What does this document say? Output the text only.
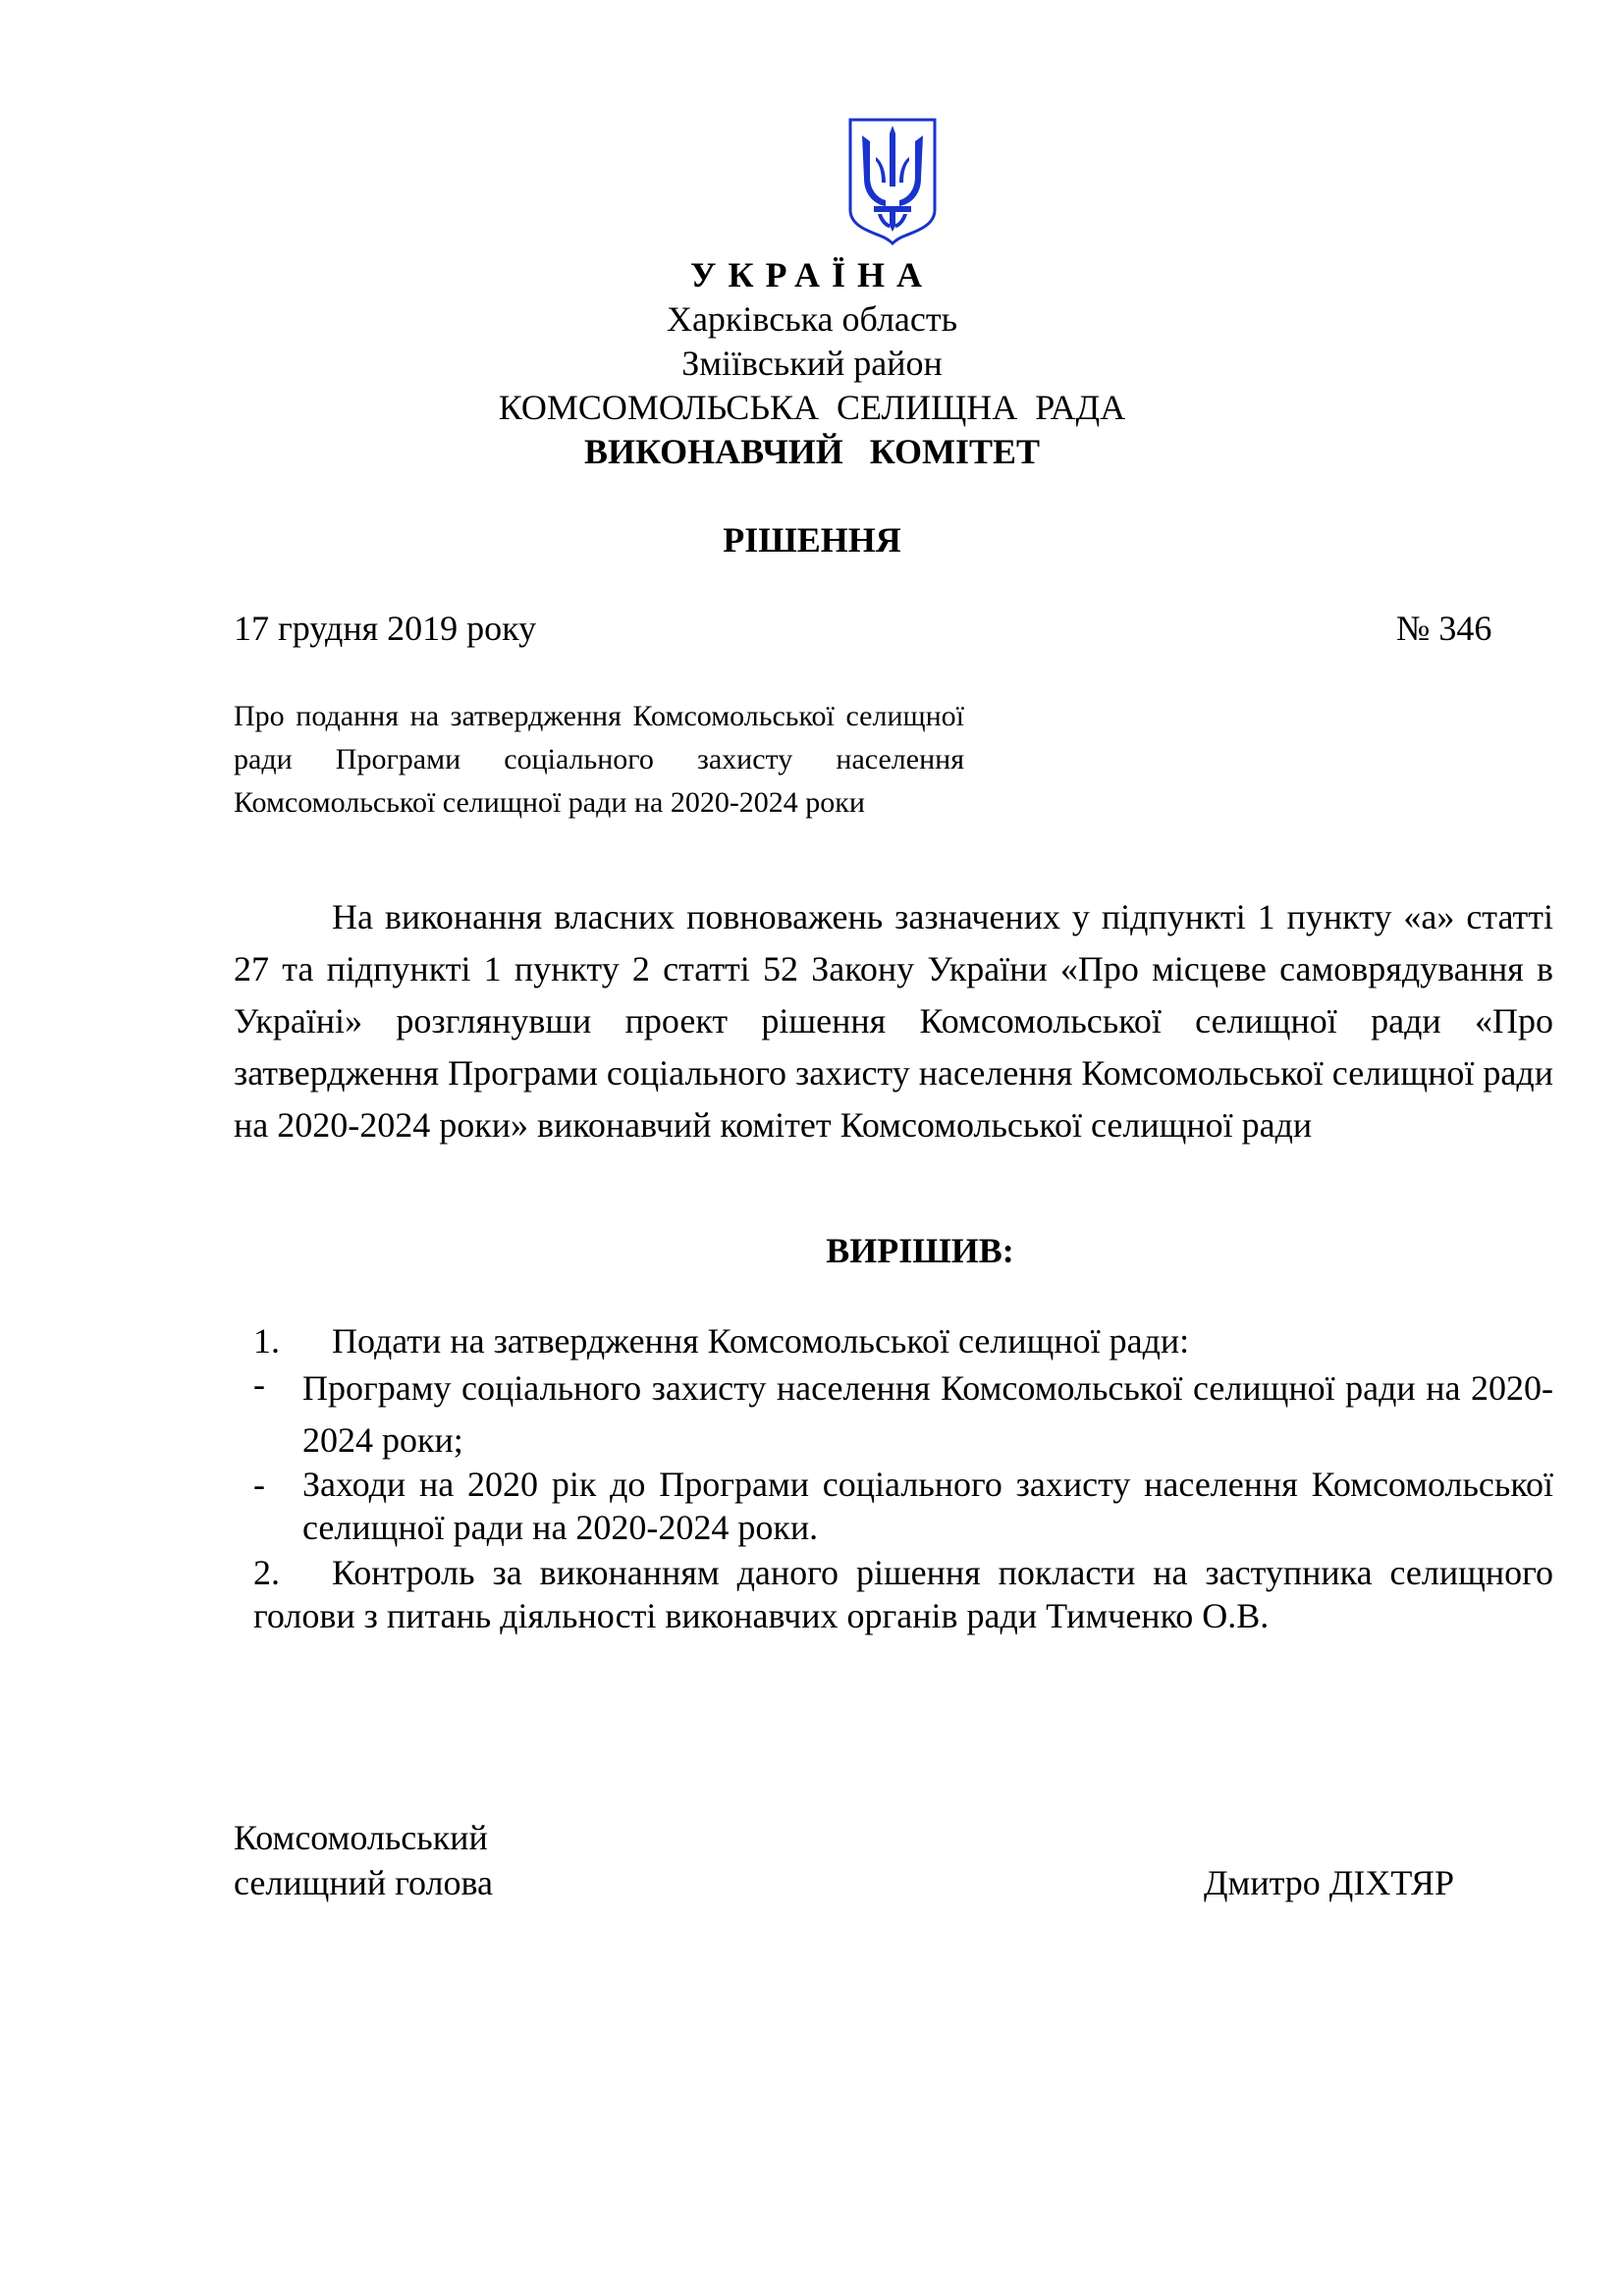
УКРАЇНА
Харківська область
Зміївський район
КОМСОМОЛЬСЬКА  СЕЛИЩНА  РАДА
ВИКОНАВЧИЙ   КОМІТЕТ
РІШЕННЯ
17 грудня 2019 року	№ 346
Про подання на затвердження Комсомольської селищної ради Програми соціального захисту населення Комсомольської селищної ради на 2020-2024 роки
На виконання власних повноважень зазначених у підпункті 1 пункту «а» статті 27 та підпункті 1 пункту 2 статті 52 Закону України «Про місцеве самоврядування в Україні» розглянувши проект рішення Комсомольської селищної ради «Про затвердження Програми соціального захисту населення Комсомольської селищної ради на 2020-2024 роки» виконавчий комітет Комсомольської селищної ради
ВИРІШИВ:
1. Подати на затвердження Комсомольської селищної ради:
- Програму соціального захисту населення Комсомольської селищної ради на 2020-2024 роки;
- Заходи на 2020 рік до Програми соціального захисту населення Комсомольської селищної ради на 2020-2024 роки.
2.	Контроль за виконанням даного рішення покласти на заступника селищного голови з питань діяльності виконавчих органів ради Тимченко О.В.
Комсомольський
селищний голова	Дмитро ДІХТЯР
